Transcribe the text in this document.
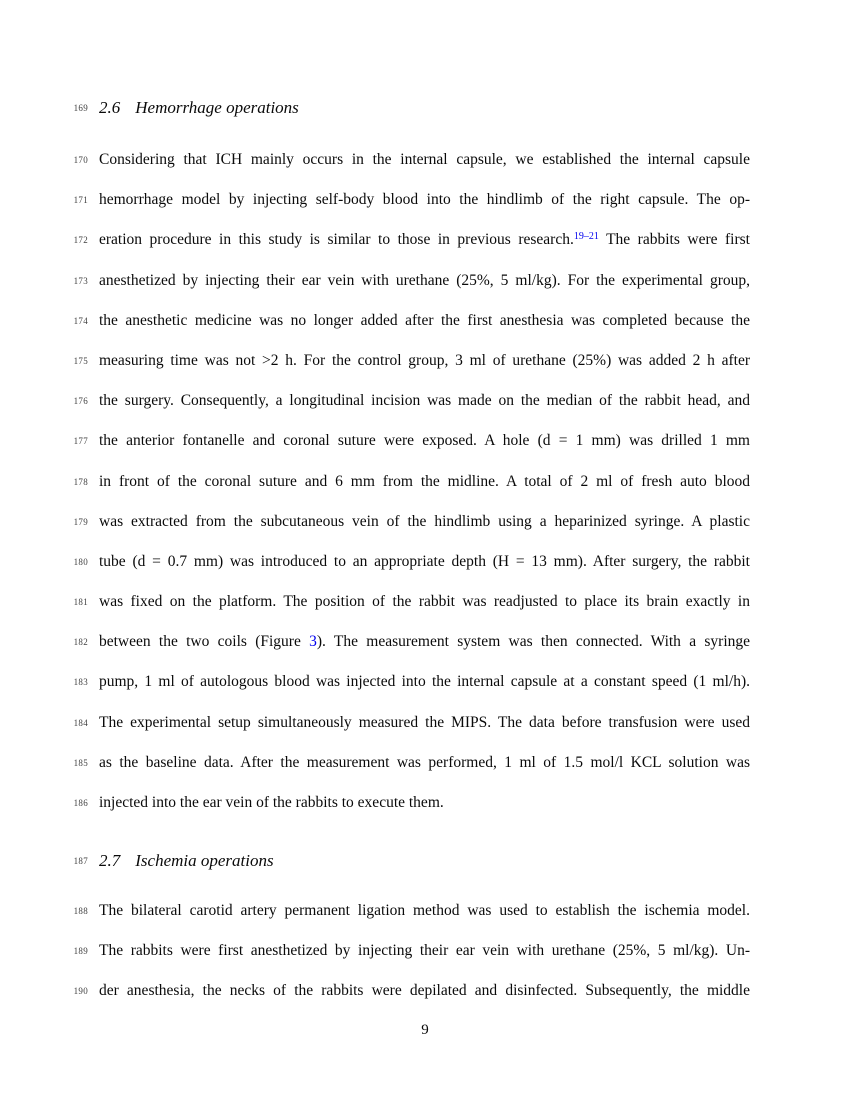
169 2.6 Hemorrhage operations
170 Considering that ICH mainly occurs in the internal capsule, we established the internal capsule
171 hemorrhage model by injecting self-body blood into the hindlimb of the right capsule. The op-
172 eration procedure in this study is similar to those in previous research.$^{19-21}$ The rabbits were first
173 anesthetized by injecting their ear vein with urethane (25%, 5 ml/kg). For the experimental group,
174 the anesthetic medicine was no longer added after the first anesthesia was completed because the
175 measuring time was not >2 h. For the control group, 3 ml of urethane (25%) was added 2 h after
176 the surgery. Consequently, a longitudinal incision was made on the median of the rabbit head, and
177 the anterior fontanelle and coronal suture were exposed. A hole (d = 1 mm) was drilled 1 mm
178 in front of the coronal suture and 6 mm from the midline. A total of 2 ml of fresh auto blood
179 was extracted from the subcutaneous vein of the hindlimb using a heparinized syringe. A plastic
180 tube (d = 0.7 mm) was introduced to an appropriate depth (H = 13 mm). After surgery, the rabbit
181 was fixed on the platform. The position of the rabbit was readjusted to place its brain exactly in
182 between the two coils (Figure 3). The measurement system was then connected. With a syringe
183 pump, 1 ml of autologous blood was injected into the internal capsule at a constant speed (1 ml/h).
184 The experimental setup simultaneously measured the MIPS. The data before transfusion were used
185 as the baseline data. After the measurement was performed, 1 ml of 1.5 mol/l KCL solution was
186 injected into the ear vein of the rabbits to execute them.
187 2.7 Ischemia operations
188 The bilateral carotid artery permanent ligation method was used to establish the ischemia model.
189 The rabbits were first anesthetized by injecting their ear vein with urethane (25%, 5 ml/kg). Un-
190 der anesthesia, the necks of the rabbits were depilated and disinfected. Subsequently, the middle
9
